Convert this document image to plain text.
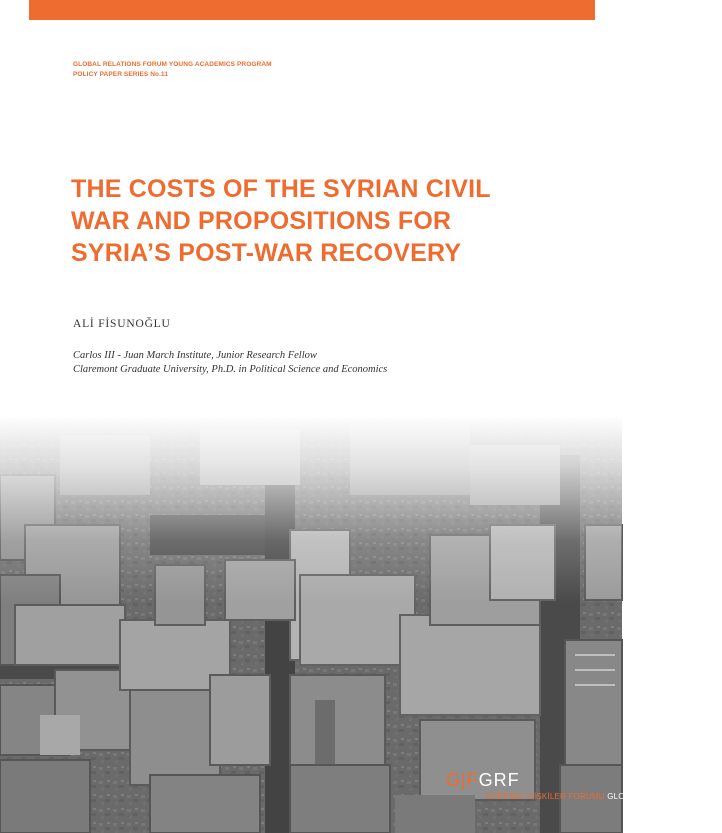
GLOBAL RELATIONS FORUM YOUNG ACADEMICS PROGRAM
POLICY PAPER SERIES No.11
THE COSTS OF THE SYRIAN CIVIL
WAR AND PROPOSITIONS FOR
SYRIA’S POST-WAR RECOVERY
ALİ FİSUNOĞLU
Carlos III - Juan March Institute, Junior Research Fellow
Claremont Graduate University, Ph.D. in Political Science and Economics
G|FGRF
KÜRESEL İLİŞKİLER FORUMU GLOBAL RELATIONS FORUM
